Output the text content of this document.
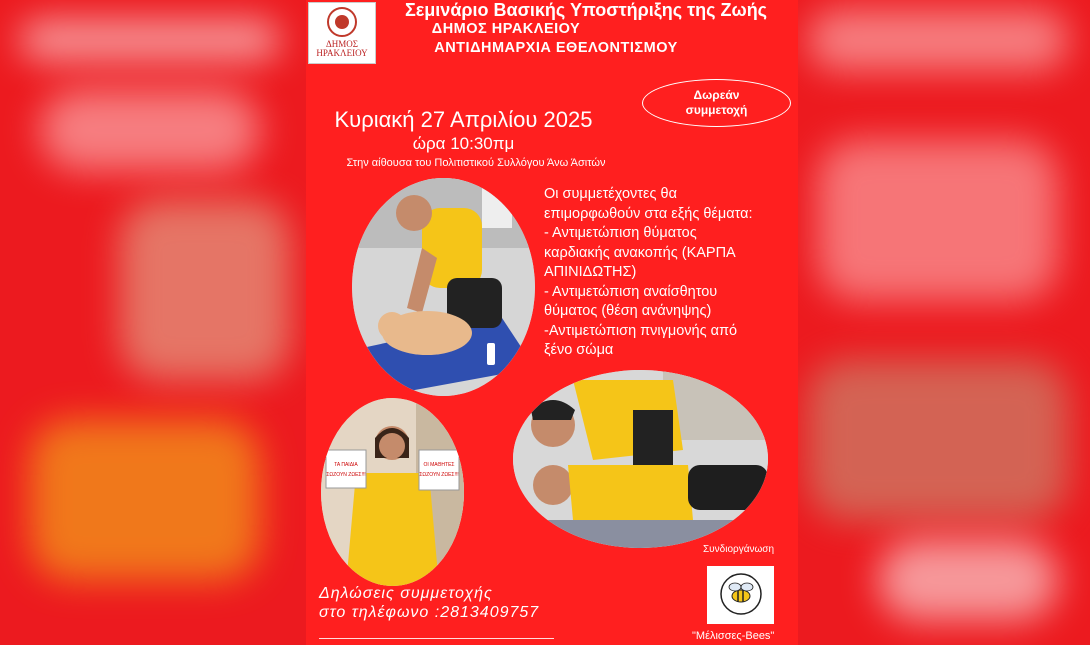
ΔΗΜΟΣ
ΗΡΑΚΛΕΙΟΥ
Σεμινάριο Βασικής Υποστήριξης της Ζωής
ΔΗΜΟΣ ΗΡΑΚΛΕΙΟΥ
ΑΝΤΙΔΗΜΑΡΧΙΑ ΕΘΕΛΟΝΤΙΣΜΟΥ
Δωρεάν
συμμετοχή
Κυριακή 27 Απριλίου 2025
ώρα 10:30πμ
Στην αίθουσα του Πολιτιστικού Συλλόγου Άνω Άσιτών
Οι συμμετέχοντες θα
επιμορφωθούν στα εξής θέματα:
- Αντιμετώπιση θύματος
καρδιακής ανακοπής (ΚΑΡΠΑ
ΑΠΙΝΙΔΩΤΗΣ)
- Αντιμετώπιση αναίσθητου
θύματος (θέση ανάνηψης)
-Αντιμετώπιση πνιγμονής από
ξένο σώμα
ΤΑ ΠΑΙΔΙΑ
ΣΩΖΟΥΝ ΖΩΕΣ!!!
ΟΙ ΜΑΘΗΤΕΣ
ΣΩΖΟΥΝ ΖΩΕΣ!!!
Συνδιοργάνωση
"Μέλισσες-Bees"
Δηλώσεις συμμετοχής
στο τηλέφωνο :2813409757
